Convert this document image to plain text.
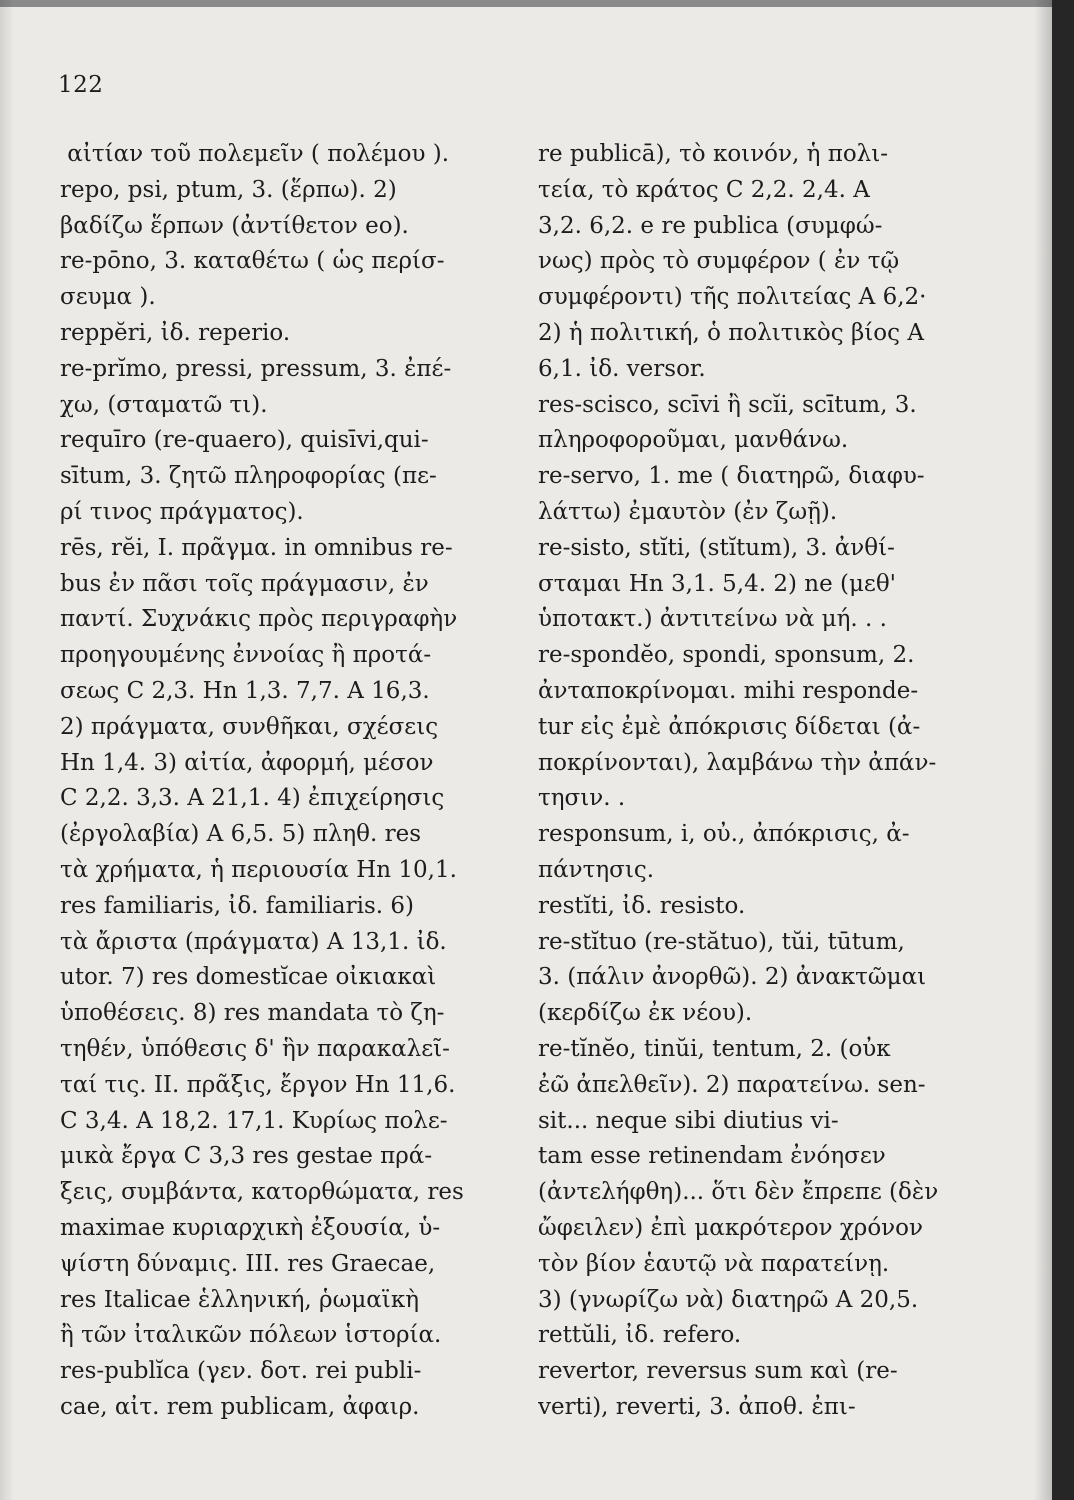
122
αἰτίαν τοῦ πολεμεῖν ( πολέμου ).
repo, psi, ptum, 3. (ἕρπω). 2)
βαδίζω ἕρπων (ἀντίθετον eo).
re-pōno, 3. καταθέτω ( ὡς περίσ-
σευμα ).
reppĕri, ἰδ. reperio.
re-prĭmo, pressi, pressum, 3. ἐπέ-
χω, (σταματῶ τι).
requīro (re-quaero), quisīvi,qui-
sītum, 3. ζητῶ πληροφορίας (πε-
ρί τινος πράγματος).
rēs, rĕi, I. πρᾶγμα. in omnibus re-
bus ἐν πᾶσι τοῖς πράγμασιν, ἐν
παντί. Συχνάκις πρὸς περιγραφὴν
προηγουμένης ἐννοίας ἢ προτά-
σεως C 2,3. Hn 1,3. 7,7. A 16,3.
2) πράγματα, συνθῆκαι, σχέσεις
Hn 1,4. 3) αἰτία, ἀφορμή, μέσον
C 2,2. 3,3. A 21,1. 4) ἐπιχείρησις
(ἐργολαβία) A 6,5. 5) πληθ. res
τὰ χρήματα, ἡ περιουσία Hn 10,1.
res familiaris, ἰδ. familiaris. 6)
τὰ ἄριστα (πράγματα) A 13,1. ἰδ.
utor. 7) res domestĭcae οἰκιακαὶ
ὑποθέσεις. 8) res mandata τὸ ζη-
τηθέν, ὑπόθεσις δ' ἣν παρακαλεῖ-
ταί τις. II. πρᾶξις, ἔργον Hn 11,6.
C 3,4. A 18,2. 17,1. Κυρίως πολε-
μικὰ ἔργα C 3,3 res gestae πρά-
ξεις, συμβάντα, κατορθώματα, res
maximae κυριαρχικὴ ἐξουσία, ὑ-
ψίστη δύναμις. III. res Graecae,
res Italicae ἑλληνική, ῥωμαϊκὴ
ἢ τῶν ἰταλικῶν πόλεων ἱστορία.
res-publĭca (γεν. δοτ. rei publi-
cae, αἰτ. rem publicam, ἀφαιρ.
re publicā), τὸ κοινόν, ἡ πολι-
τεία, τὸ κράτος C 2,2. 2,4. A
3,2. 6,2. e re publica (συμφώ-
νως) πρὸς τὸ συμφέρον ( ἐν τῷ
συμφέροντι) τῆς πολιτείας A 6,2·
2) ἡ πολιτική, ὁ πολιτικὸς βίος A
6,1. ἰδ. versor.
res-scisco, scīvi ἢ scĭi, scītum, 3.
πληροφοροῦμαι, μανθάνω.
re-servo, 1. me ( διατηρῶ, διαφυ-
λάττω) ἐμαυτὸν (ἐν ζωῇ).
re-sisto, stĭti, (stĭtum), 3. ἀνθί-
σταμαι Hn 3,1. 5,4. 2) ne (μεθ'
ὑποτακτ.) ἀντιτείνω νὰ μή. . .
re-spondĕo, spondi, sponsum, 2.
ἀνταποκρίνομαι. mihi responde-
tur εἰς ἐμὲ ἀπόκρισις δίδεται (ἀ-
ποκρίνονται), λαμβάνω τὴν ἀπάν-
τησιν. .
responsum, i, οὐ., ἀπόκρισις, ἀ-
πάντησις.
restĭti, ἰδ. resisto.
re-stĭtuo (re-stătuo), tŭi, tūtum,
3. (πάλιν ἀνορθῶ). 2) ἀνακτῶμαι
(κερδίζω ἐκ νέου).
re-tĭnĕo, tinŭi, tentum, 2. (οὐκ
ἐῶ ἀπελθεῖν). 2) παρατείνω. sen-
sit... neque sibi diutius vi-
tam esse retinendam ἐνόησεν
(ἀντελήφθη)... ὅτι δὲν ἔπρεπε (δὲν
ὤφειλεν) ἐπὶ μακρότερον χρόνον
τὸν βίον ἑαυτῷ νὰ παρατείνῃ.
3) (γνωρίζω νὰ) διατηρῶ A 20,5.
rettŭli, ἰδ. refero.
revertor, reversus sum καὶ (re-
verti), reverti, 3. ἀποθ. ἐπι-
